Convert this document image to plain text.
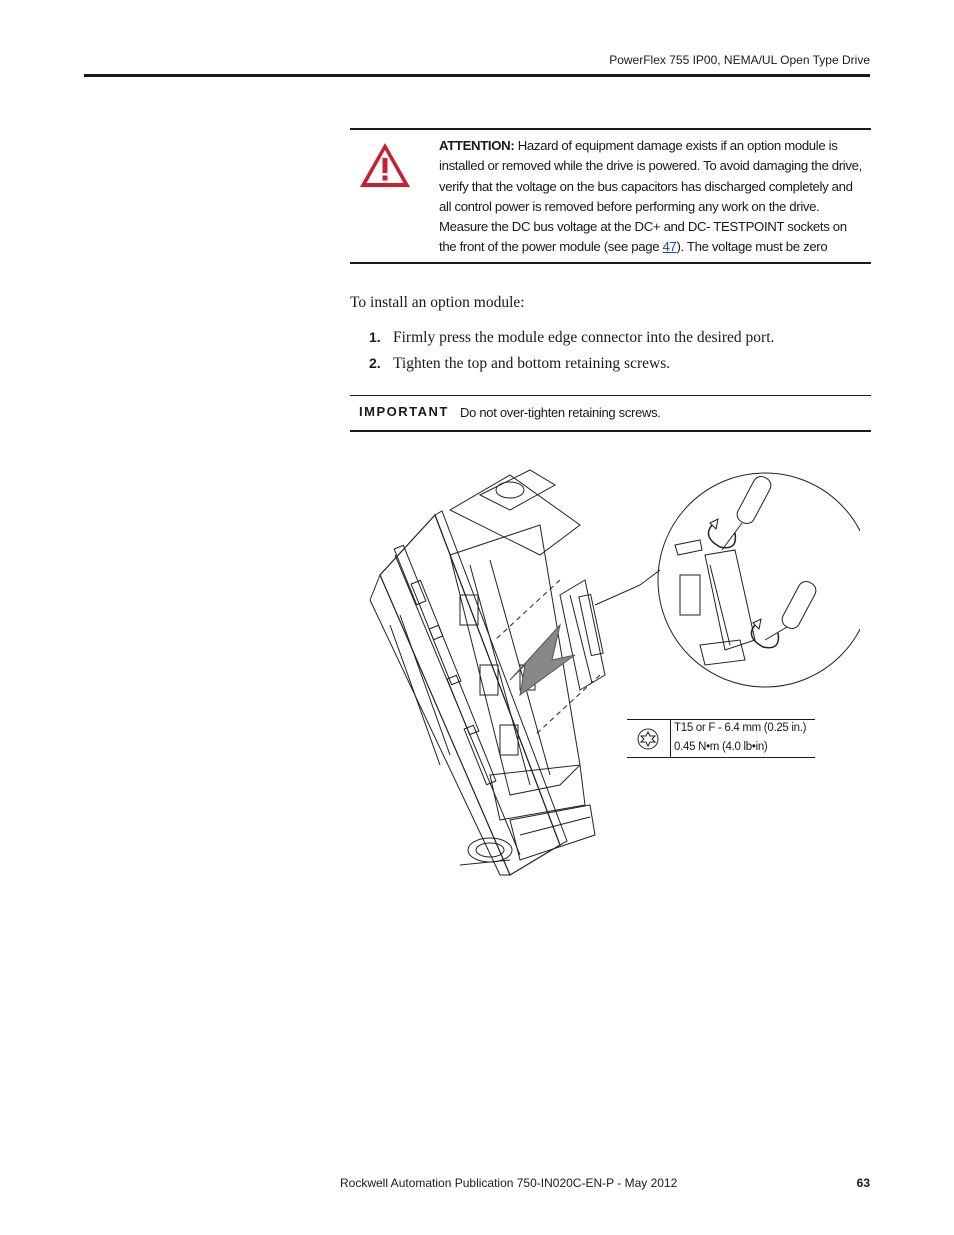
PowerFlex 755 IP00, NEMA/UL Open Type Drive
ATTENTION: Hazard of equipment damage exists if an option module is installed or removed while the drive is powered. To avoid damaging the drive, verify that the voltage on the bus capacitors has discharged completely and all control power is removed before performing any work on the drive. Measure the DC bus voltage at the DC+ and DC- TESTPOINT sockets on the front of the power module (see page 47). The voltage must be zero
To install an option module:
1. Firmly press the module edge connector into the desired port.
2. Tighten the top and bottom retaining screws.
IMPORTANT Do not over-tighten retaining screws.
T15 or F - 6.4 mm (0.25 in.)
0.45 N•m (4.0 lb•in)
Rockwell Automation Publication 750-IN020C-EN-P - May 2012	63
